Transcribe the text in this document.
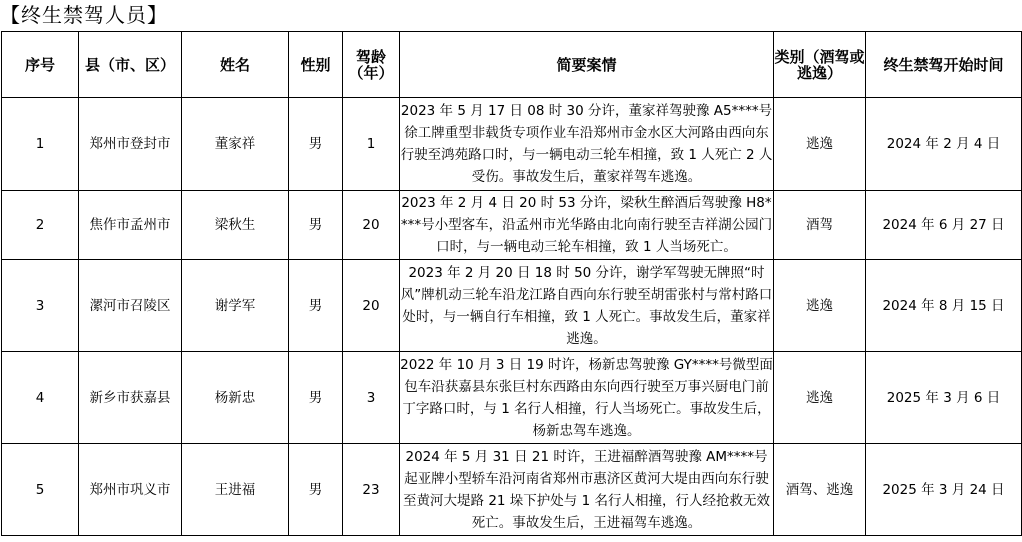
【终生禁驾人员】
序号	县（市、区）	姓名	性别	驾龄（年）	简要案情	类别（酒驾或逃逸）	终生禁驾开始时间
1	郑州市登封市	董家祥	男	1	2023 年 5 月 17 日 08 时 30 分许，董家祥驾驶豫 A5****号徐工牌重型非载货专项作业车沿郑州市金水区大河路由西向东行驶至鸿苑路口时，与一辆电动三轮车相撞，致 1 人死亡 2 人受伤。事故发生后，董家祥驾车逃逸。	逃逸	2024 年 2 月 4 日
2	焦作市孟州市	梁秋生	男	20	2023 年 2 月 4 日 20 时 53 分许，梁秋生醉酒后驾驶豫 H8****号小型客车，沿孟州市光华路由北向南行驶至吉祥湖公园门口时，与一辆电动三轮车相撞，致 1 人当场死亡。	酒驾	2024 年 6 月 27 日
3	漯河市召陵区	谢学军	男	20	2023 年 2 月 20 日 18 时 50 分许，谢学军驾驶无牌照“时风”牌机动三轮车沿龙江路自西向东行驶至胡雷张村与常村路口处时，与一辆自行车相撞，致 1 人死亡。事故发生后，董家祥逃逸。	逃逸	2024 年 8 月 15 日
4	新乡市获嘉县	杨新忠	男	3	2022 年 10 月 3 日 19 时许，杨新忠驾驶豫 GY****号微型面包车沿获嘉县东张巨村东西路由东向西行驶至万事兴厨电门前丁字路口时，与 1 名行人相撞，行人当场死亡。事故发生后，杨新忠驾车逃逸。	逃逸	2025 年 3 月 6 日
5	郑州市巩义市	王进福	男	23	2024 年 5 月 31 日 21 时许，王进福醉酒驾驶豫 AM****号起亚牌小型轿车沿河南省郑州市惠济区黄河大堤由西向东行驶至黄河大堤路 21 垛下护处与 1 名行人相撞，行人经抢救无效死亡。事故发生后，王进福驾车逃逸。	酒驾、逃逸	2025 年 3 月 24 日
